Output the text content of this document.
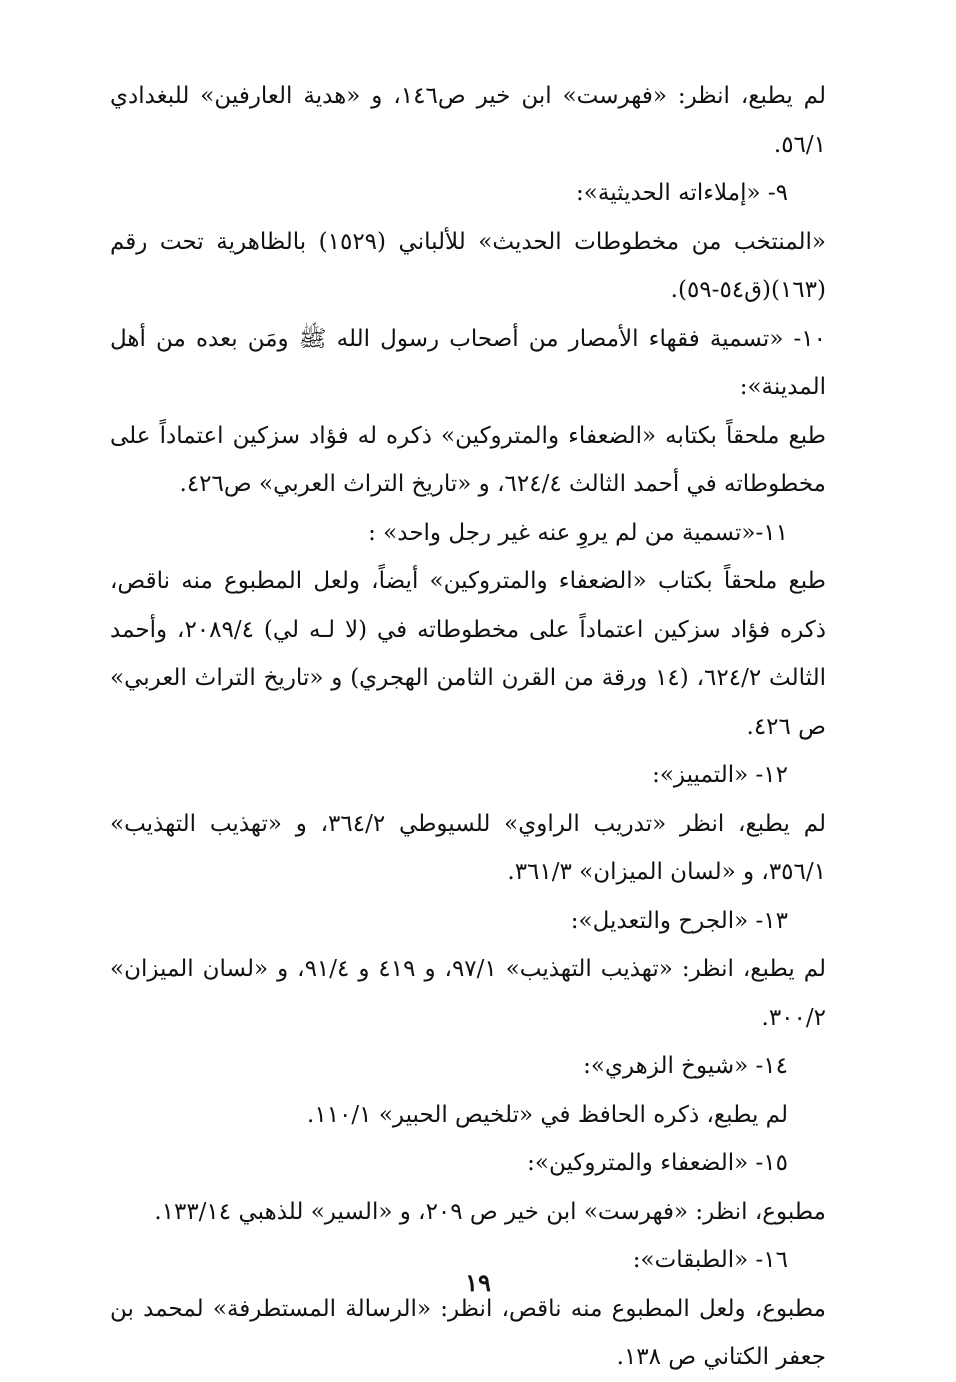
لم يطبع، انظر: «فهرست» ابن خير ص١٤٦، و «هدية العارفين» للبغدادي ٥٦/١.

٩- «إملاءاته الحديثية»:

«المنتخب من مخطوطات الحديث» للألباني (١٥٢٩) بالظاهرية تحت رقم (١٦٣)(ق٥٤-٥٩).

١٠- «تسمية فقهاء الأمصار من أصحاب رسول الله ﷺ ومَن بعده من أهل المدينة»:

طبع ملحقاً بكتابه «الضعفاء والمتروكين» ذكره له فؤاد سزكين اعتماداً على مخطوطاته في أحمد الثالث ٦٢٤/٤، و «تاريخ التراث العربي» ص٤٢٦.

١١-«تسمية من لم يروِ عنه غير رجل واحد» :

طبع ملحقاً بكتاب «الضعفاء والمتروكين» أيضاً، ولعل المطبوع منه ناقص، ذكره فؤاد سزكين اعتماداً على مخطوطاته في (لا لـه لي) ٢٠٨٩/٤، وأحمد الثالث ٦٢٤/٢، (١٤ ورقة من القرن الثامن الهجري) و «تاريخ التراث العربي» ص ٤٢٦.

١٢- «التمييز»:

لم يطبع، انظر «تدريب الراوي» للسيوطي ٣٦٤/٢، و «تهذيب التهذيب» ٣٥٦/١، و «لسان الميزان» ٣٦١/٣.

١٣- «الجرح والتعديل»:

لم يطبع، انظر: «تهذيب التهذيب» ٩٧/١، و ٤١٩ و ٩١/٤، و «لسان الميزان» ٣٠٠/٢.

١٤- «شيوخ الزهري»:

لم يطبع، ذكره الحافظ في «تلخيص الحبير» ١١٠/١.

١٥- «الضعفاء والمتروكين»:

مطبوع، انظر: «فهرست» ابن خير ص ٢٠٩، و «السير» للذهبي ١٣٣/١٤.

١٦- «الطبقات»:

مطبوع، ولعل المطبوع منه ناقص، انظر: «الرسالة المستطرفة» لمحمد بن جعفر الكتاني ص ١٣٨.

١٩
